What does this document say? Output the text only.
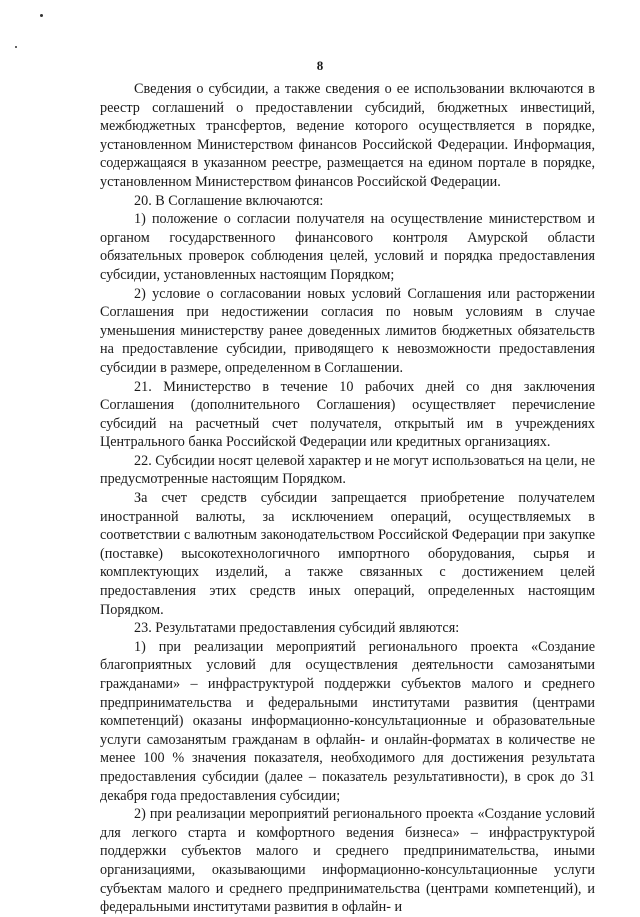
8

Сведения о субсидии, а также сведения о ее использовании включаются в реестр соглашений о предоставлении субсидий, бюджетных инвестиций, межбюджетных трансфертов, ведение которого осуществляется в порядке, установленном Министерством финансов Российской Федерации. Информация, содержащаяся в указанном реестре, размещается на едином портале в порядке, установленном Министерством финансов Российской Федерации.

20. В Соглашение включаются:

1) положение о согласии получателя на осуществление министерством и органом государственного финансового контроля Амурской области обязательных проверок соблюдения целей, условий и порядка предоставления субсидии, установленных настоящим Порядком;

2) условие о согласовании новых условий Соглашения или расторжении Соглашения при недостижении согласия по новым условиям в случае уменьшения министерству ранее доведенных лимитов бюджетных обязательств на предоставление субсидии, приводящего к невозможности предоставления субсидии в размере, определенном в Соглашении.

21. Министерство в течение 10 рабочих дней со дня заключения Соглашения (дополнительного Соглашения) осуществляет перечисление субсидий на расчетный счет получателя, открытый им в учреждениях Центрального банка Российской Федерации или кредитных организациях.

22. Субсидии носят целевой характер и не могут использоваться на цели, не предусмотренные настоящим Порядком.

За счет средств субсидии запрещается приобретение получателем иностранной валюты, за исключением операций, осуществляемых в соответствии с валютным законодательством Российской Федерации при закупке (поставке) высокотехнологичного импортного оборудования, сырья и комплектующих изделий, а также связанных с достижением целей предоставления этих средств иных операций, определенных настоящим Порядком.

23. Результатами предоставления субсидий являются:

1) при реализации мероприятий регионального проекта «Создание благоприятных условий для осуществления деятельности самозанятыми гражданами» – инфраструктурой поддержки субъектов малого и среднего предпринимательства и федеральными институтами развития (центрами компетенций) оказаны информационно-консультационные и образовательные услуги самозанятым гражданам в офлайн- и онлайн-форматах в количестве не менее 100 % значения показателя, необходимого для достижения результата предоставления субсидии (далее – показатель результативности), в срок до 31 декабря года предоставления субсидии;

2) при реализации мероприятий регионального проекта «Создание условий для легкого старта и комфортного ведения бизнеса» – инфраструктурой поддержки субъектов малого и среднего предпринимательства, иными организациями, оказывающими информационно-консультационные услуги субъектам малого и среднего предпринимательства (центрами компетенций), и федеральными институтами развития в офлайн- и
